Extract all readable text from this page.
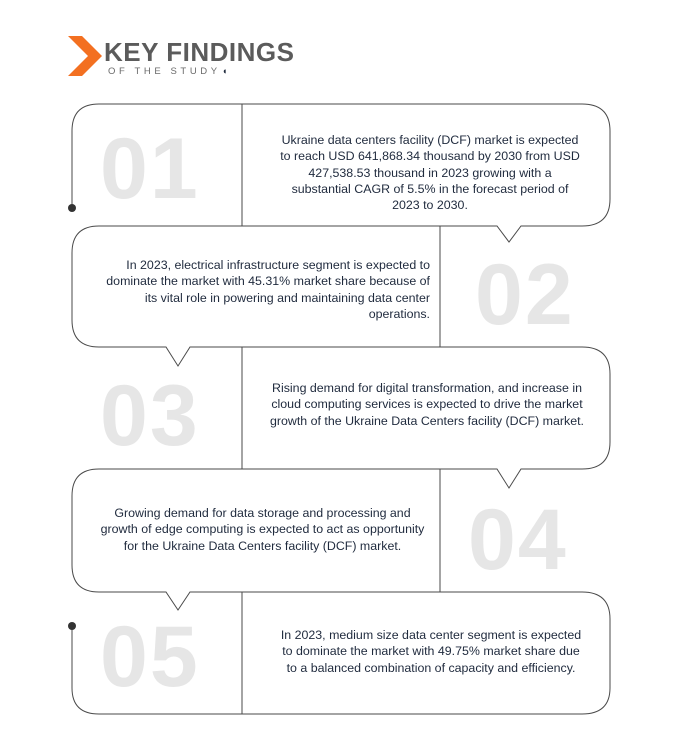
KEY FINDINGS
OF THE STUDY◖
01	Ukraine data centers facility (DCF) market is expected to reach USD 641,868.34 thousand by 2030 from USD 427,538.53 thousand in 2023 growing with a substantial CAGR of 5.5% in the forecast period of 2023 to 2030.
In 2023, electrical infrastructure segment is expected to dominate the market with 45.31% market share because of its vital role in powering and maintaining data center operations. 02
03	Rising demand for digital transformation, and increase in cloud computing services is expected to drive the market growth of the Ukraine Data Centers facility (DCF) market.
Growing demand for data storage and processing and growth of edge computing is expected to act as opportunity for the Ukraine Data Centers facility (DCF) market. 04
05	In 2023, medium size data center segment is expected to dominate the market with 49.75% market share due to a balanced combination of capacity and efficiency.
